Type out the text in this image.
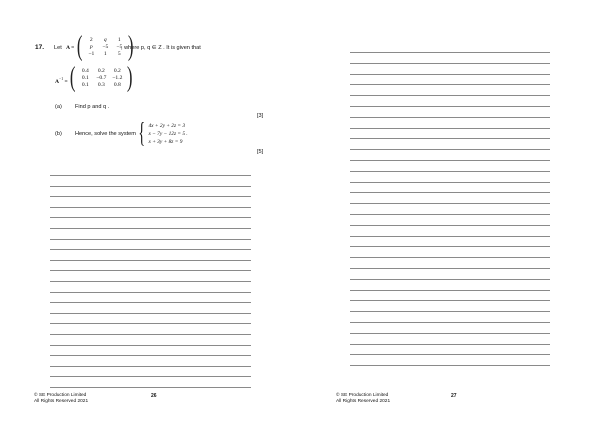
17. Let A = (	2	q	1
p	−5	−5
−1	1	5 )
, where p, q ∈ Z . It is given that
$A^{-1}$ = (	0.4	0.2	0.2
0.1	−0.7	−1.2
0.1	0.3	0.8 )
(a) Find p and q .
[3]
(b) Hence, solve the system { 4x + 2y + 2z = 3
x − 7y − 12z = 5
x + 3y + 8z = 9
.
[5]
© SE Production Limited
All Rights Reserved 2021
26	© SE Production Limited
All Rights Reserved 2021
27
